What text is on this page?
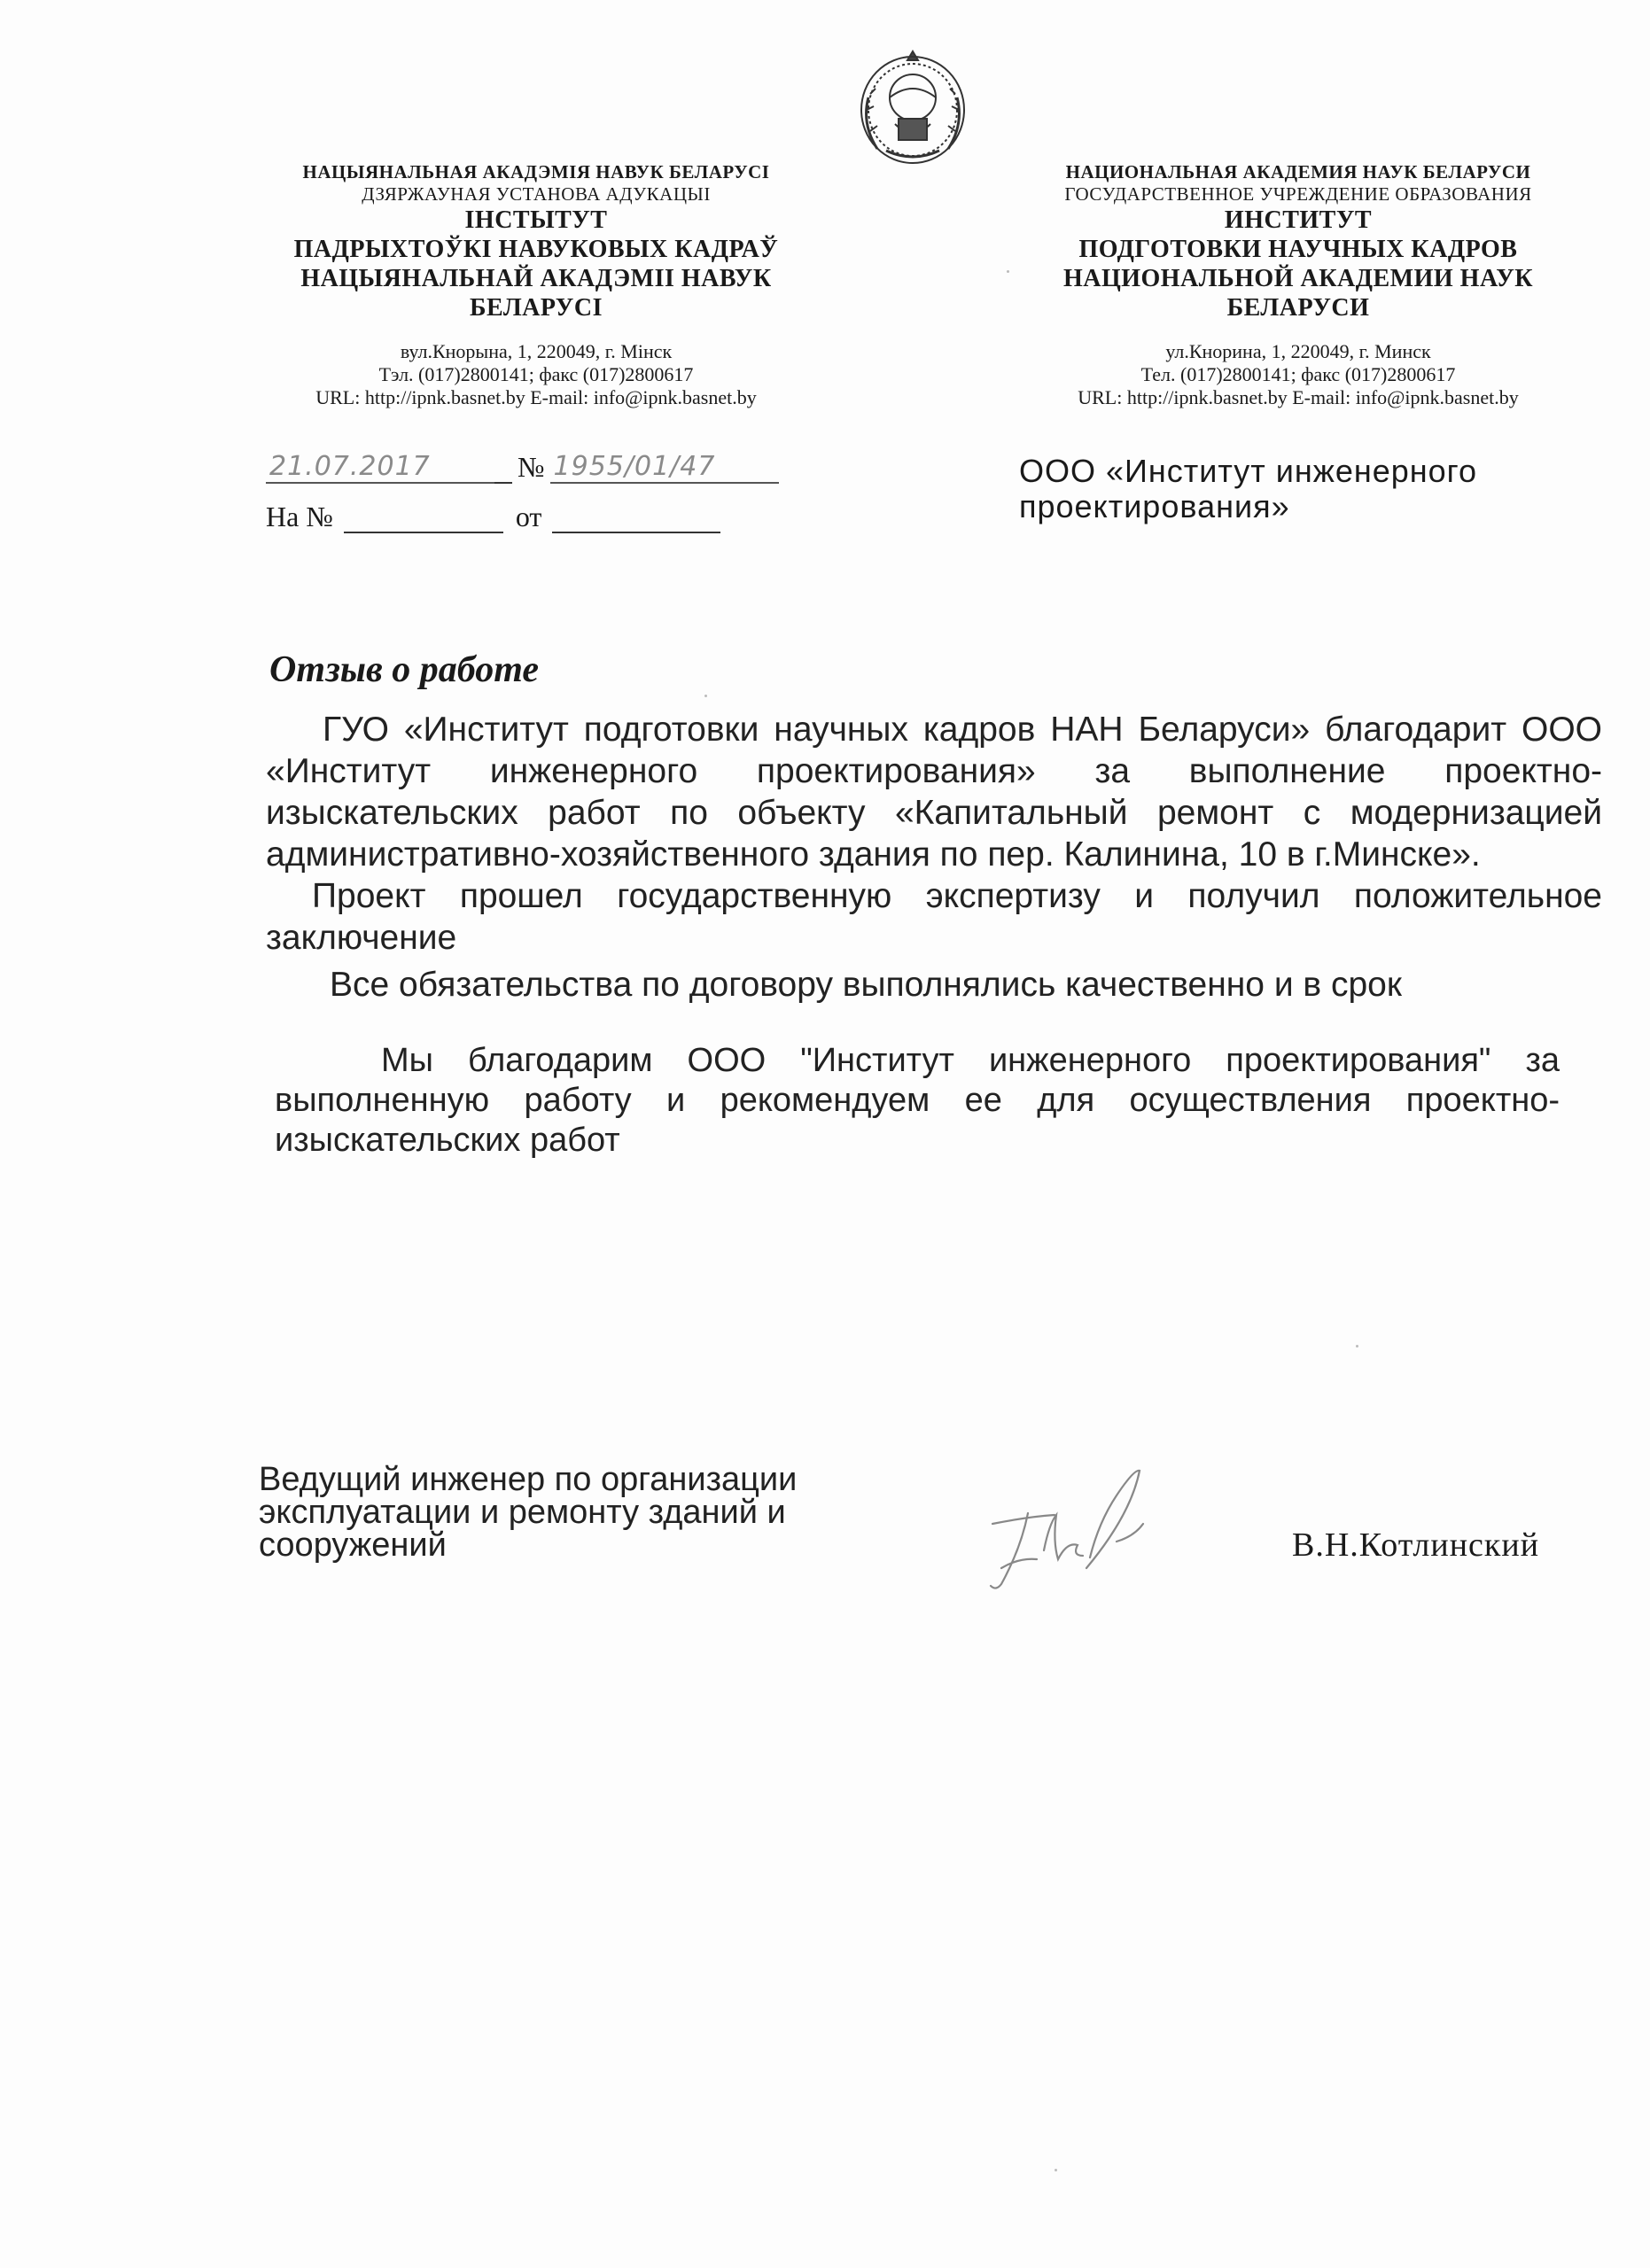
НАЦЫЯНАЛЬНАЯ АКАДЭМІЯ НАВУК БЕЛАРУСІ
ДЗЯРЖАУНАЯ УСТАНОВА АДУКАЦЫІ
ІНСТЫТУТ
ПАДРЫХТОЎКІ НАВУКОВЫХ КАДРАЎ
НАЦЫЯНАЛЬНАЙ АКАДЭМІІ НАВУК
БЕЛАРУСІ
вул.Кнорына, 1, 220049, г. Мінск
Тэл. (017)2800141; факс (017)2800617
URL: http://ipnk.basnet.by E-mail: info@ipnk.basnet.by
НАЦИОНАЛЬНАЯ АКАДЕМИЯ НАУК БЕЛАРУСИ
ГОСУДАРСТВЕННОЕ УЧРЕЖДЕНИЕ ОБРАЗОВАНИЯ
ИНСТИТУТ
ПОДГОТОВКИ НАУЧНЫХ КАДРОВ
НАЦИОНАЛЬНОЙ АКАДЕМИИ НАУК
БЕЛАРУСИ
ул.Кнорина, 1, 220049, г. Минск
Тел. (017)2800141; факс (017)2800617
URL: http://ipnk.basnet.by E-mail: info@ipnk.basnet.by
21.07.2017	№ 1955/01/47
На №	от
ООО «Институт инженерного
проектирования»
Отзыв о работе

ГУО «Институт подготовки научных кадров НАН Беларуси» благодарит ООО «Институт инженерного проектирования» за выполнение проектно-изыскательских работ по объекту «Капитальный ремонт с модернизацией административно-хозяйственного здания по пер. Калинина, 10 в г.Минске».

Проект прошел государственную экспертизу и получил положительное заключение

Все обязательства по договору выполнялись качественно и в срок

Мы благодарим ООО "Институт инженерного проектирования" за выполненную работу и рекомендуем ее для осуществления проектно-изыскательских работ

Ведущий инженер по организации
эксплуатации и ремонту зданий и
сооружений	В.Н.Котлинский
